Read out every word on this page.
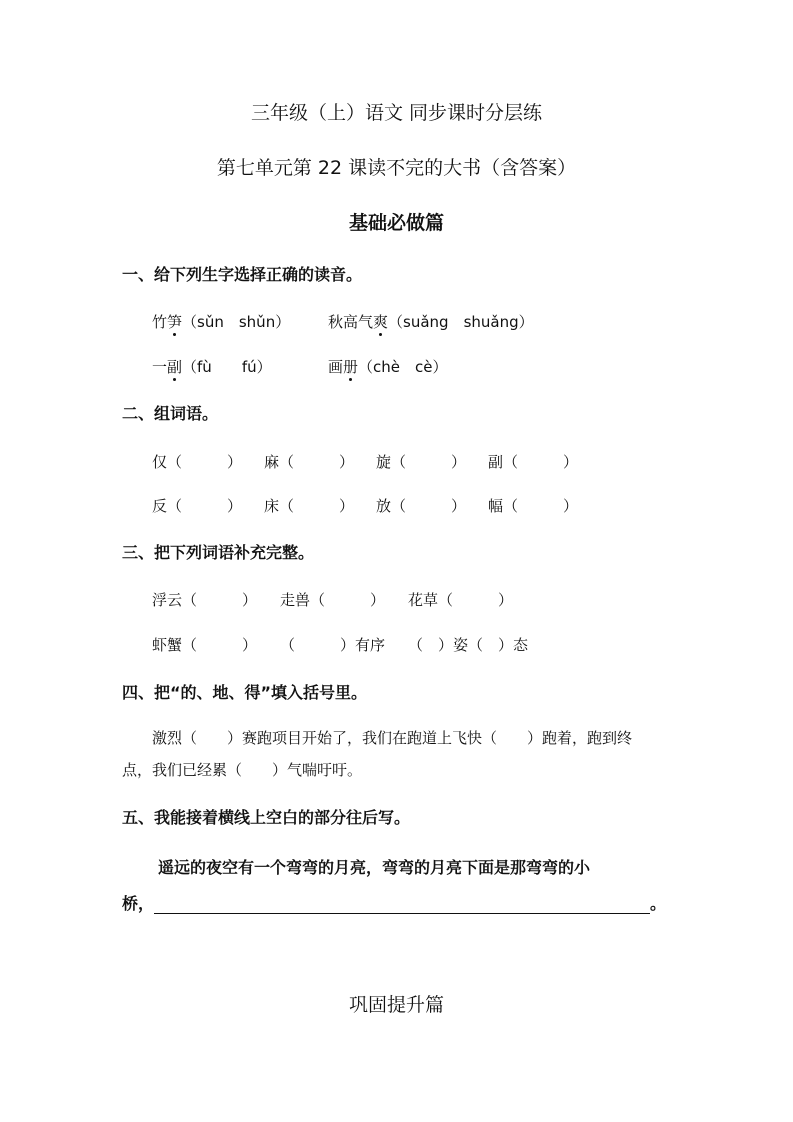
三年级（上）语文 同步课时分层练
第七单元第 22 课读不完的大书（含答案）
基础必做篇
一、给下列生字选择正确的读音。
竹笋（sǔn　shǔn）	秋高气爽（suǎng　shuǎng）
一副（fù　　fú）	画册（chè　cè）
二、组词语。
仅（　　　） 麻（　　　） 旋（　　　） 副（　　　）
反（　　　） 床（　　　） 放（　　　） 幅（　　　）
三、把下列词语补充完整。
浮云（　　　） 走兽（　　　） 花草（　　　）
虾蟹（　　　） （　　　）有序 （　）姿（　）态
四、把“的、地、得”填入括号里。
激烈（　　）赛跑项目开始了，我们在跑道上飞快（　　）跑着，跑到终
点，我们已经累（　　）气喘吁吁。
五、我能接着横线上空白的部分往后写。
遥远的夜空有一个弯弯的月亮，弯弯的月亮下面是那弯弯的小
桥，	。
巩固提升篇
